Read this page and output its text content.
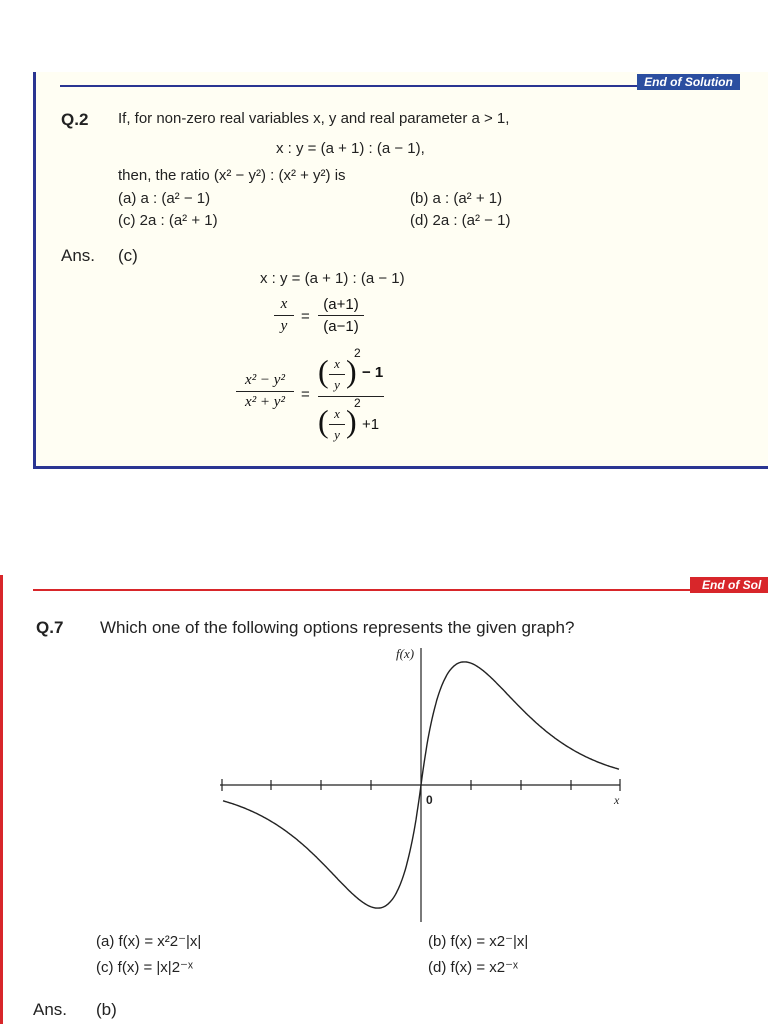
End of Solution
Q.2 If, for non-zero real variables x, y and real parameter a > 1,
x : y = (a + 1) : (a − 1),
then, the ratio (x² − y²) : (x² + y²) is
(a) a : (a² − 1)	(b) a : (a² + 1)
(c) 2a : (a² + 1)	(d) 2a : (a² − 1)
Ans. (c)
x : y = (a + 1) : (a − 1)
$\frac{x}{y} = \frac{(a+1)}{(a-1)}$
$\frac{\text{x² − y²}}{\text{x² + y²}}$ =
( $\frac{x}{y}$ )
2
− 1
( $\frac{x}{y}$ )
2
+1
End of Sol
Q.7 Which one of the following options represents the given graph?
f(x)
0	x
(a) f(x) = x²2⁻|x|	(b) f(x) = x2⁻|x|
(c) f(x) = |x|2⁻ˣ	(d) f(x) = x2⁻ˣ
Ans. (b)
